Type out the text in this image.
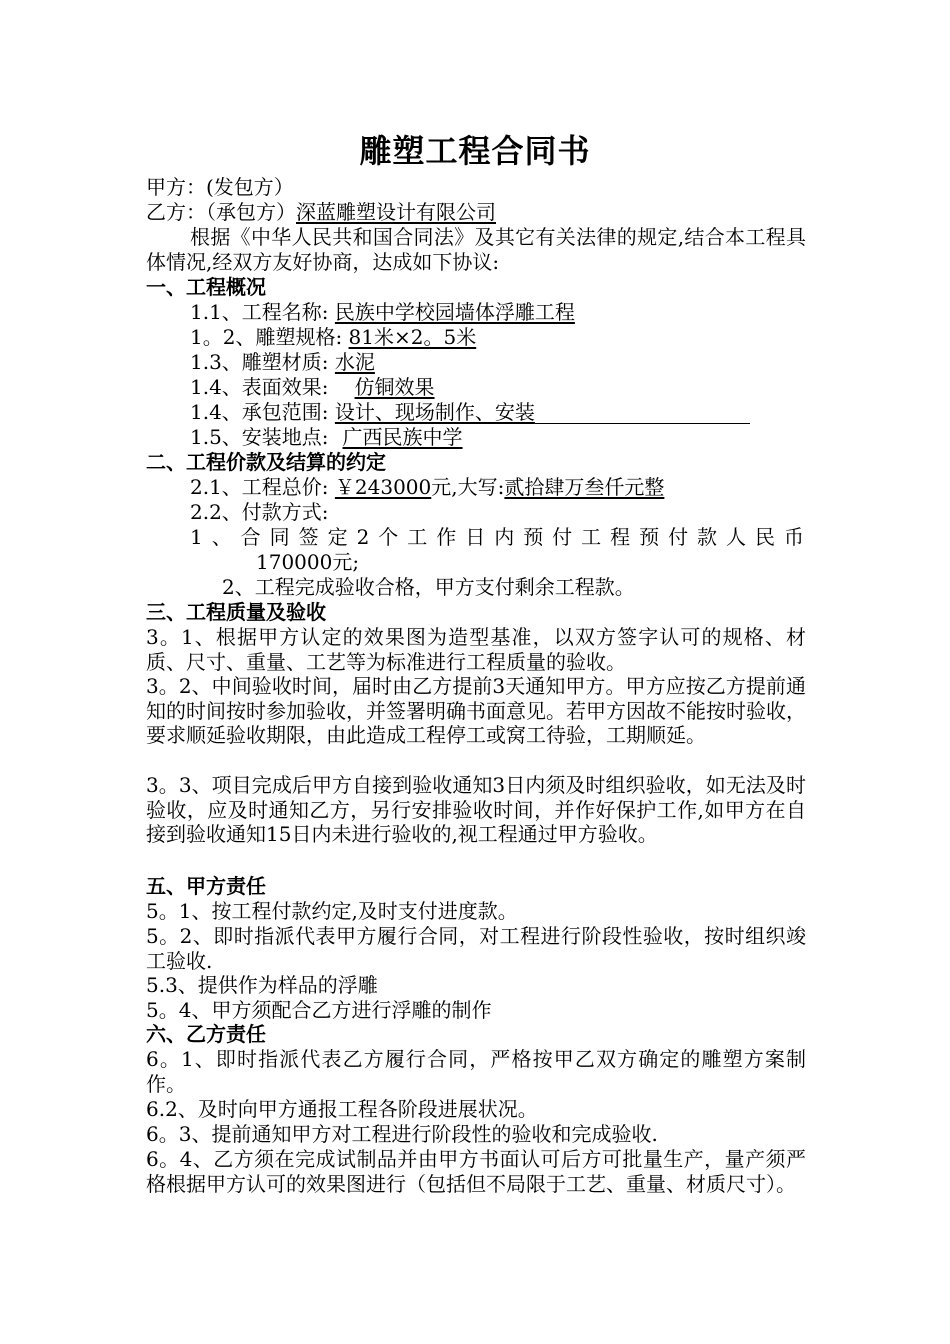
雕塑工程合同书
甲方：(发包方）
乙方：（承包方）深蓝雕塑设计有限公司
根据《中华人民共和国合同法》及其它有关法律的规定,结合本工程具体情况,经双方友好协商，达成如下协议:
一、工程概况
1.1、工程名称: 民族中学校园墙体浮雕工程
1。2、雕塑规格: 81米×2。5米
1.3、雕塑材质: 水泥
1.4、表面效果: 仿铜效果
1.4、承包范围: 设计、现场制作、安装
1.5、安装地点: 广西民族中学
二、工程价款及结算的约定
2.1、工程总价: ￥243000元,大写:贰拾肆万叁仟元整
2.2、付款方式:
1、合同签定2个工作日内预付工程预付款人民币
170000元;
2、工程完成验收合格，甲方支付剩余工程款。
三、工程质量及验收
3。1、根据甲方认定的效果图为造型基准，以双方签字认可的规格、材质、尺寸、重量、工艺等为标准进行工程质量的验收。
3。2、中间验收时间，届时由乙方提前3天通知甲方。甲方应按乙方提前通知的时间按时参加验收，并签署明确书面意见。若甲方因故不能按时验收，要求顺延验收期限，由此造成工程停工或窝工待验，工期顺延。
3。3、项目完成后甲方自接到验收通知3日内须及时组织验收，如无法及时验收，应及时通知乙方，另行安排验收时间，并作好保护工作,如甲方在自接到验收通知15日内未进行验收的,视工程通过甲方验收。
五、甲方责任
5。1、按工程付款约定,及时支付进度款。
5。2、即时指派代表甲方履行合同，对工程进行阶段性验收，按时组织竣工验收.
5.3、提供作为样品的浮雕
5。4、甲方须配合乙方进行浮雕的制作
六、乙方责任
6。1、即时指派代表乙方履行合同，严格按甲乙双方确定的雕塑方案制作。
6.2、及时向甲方通报工程各阶段进展状况。
6。3、提前通知甲方对工程进行阶段性的验收和完成验收.
6。4、乙方须在完成试制品并由甲方书面认可后方可批量生产，量产须严格根据甲方认可的效果图进行（包括但不局限于工艺、重量、材质尺寸）。
